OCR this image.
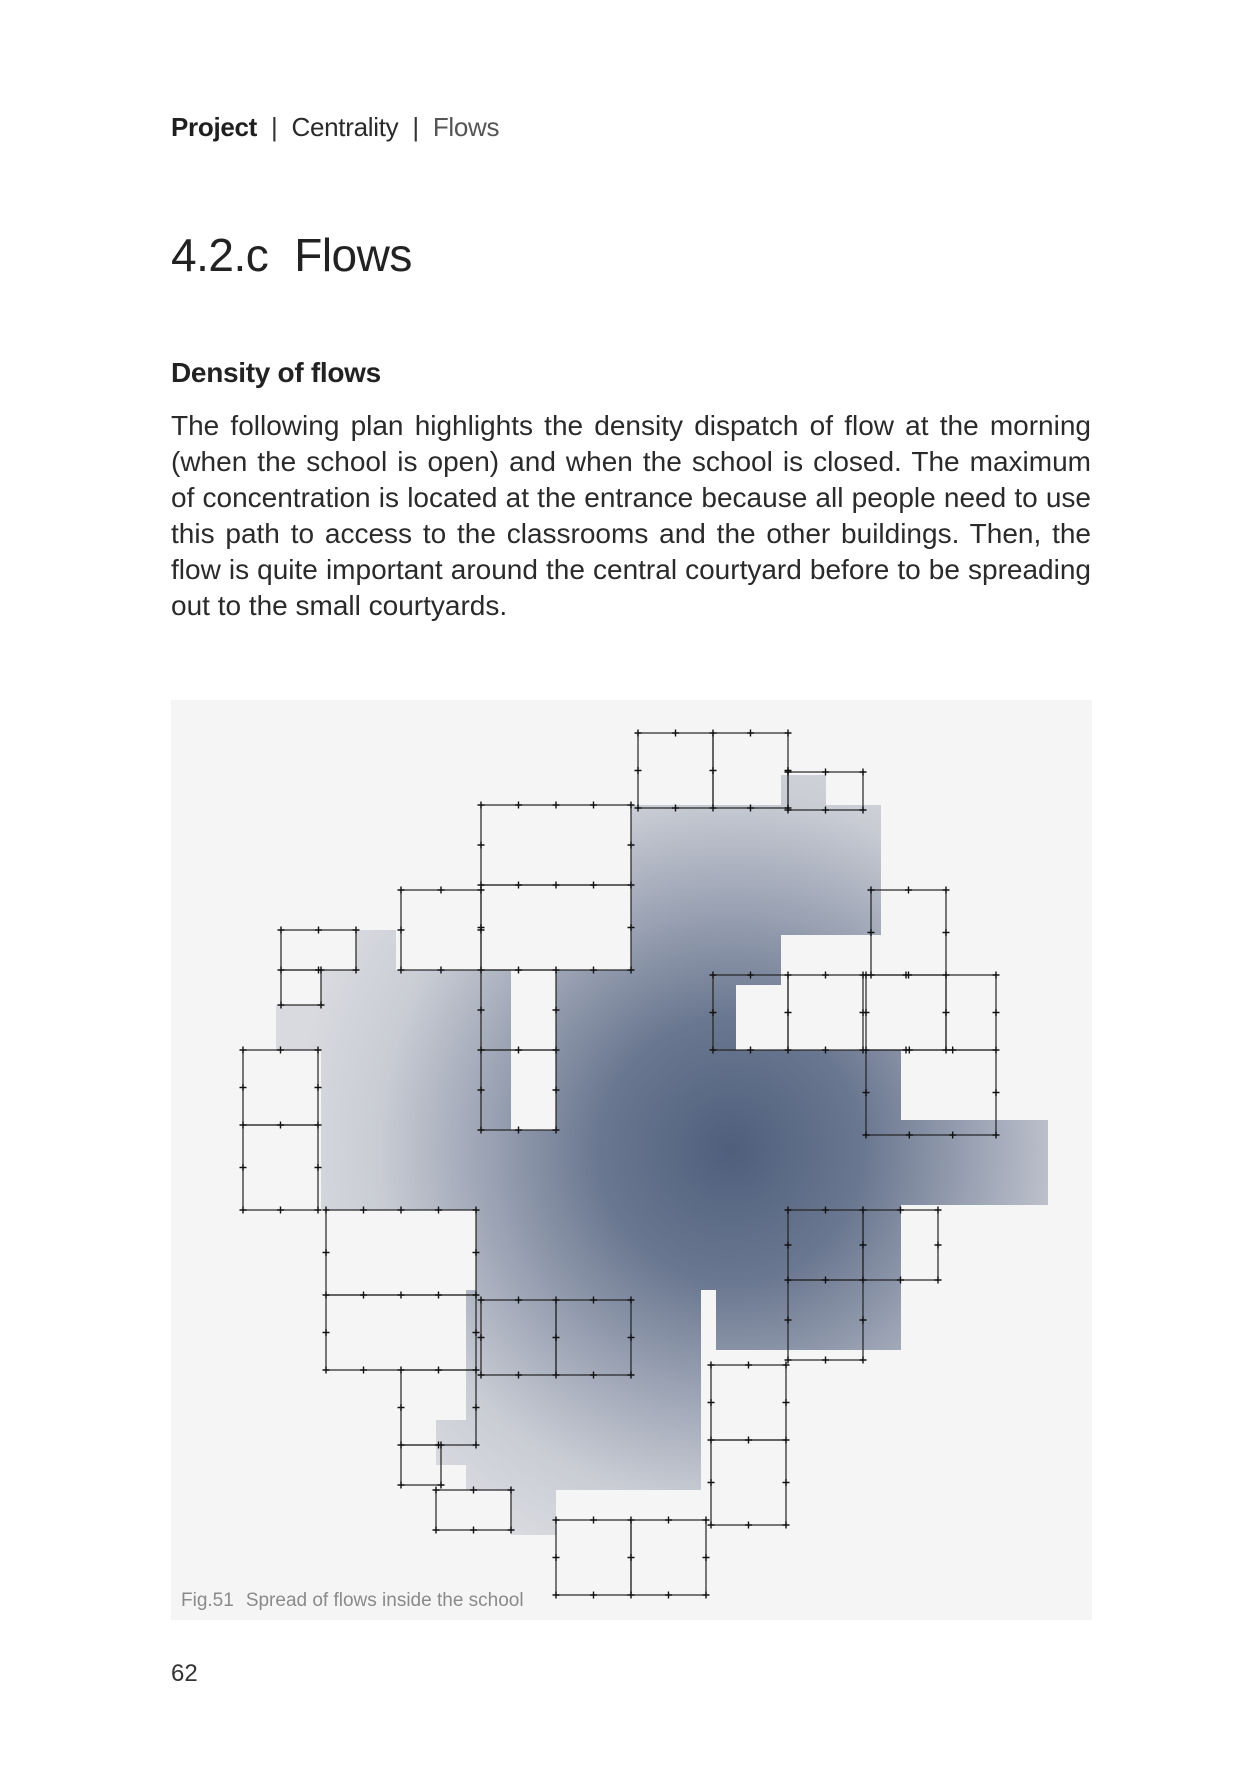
Project | Centrality | Flows
4.2.c Flows
Density of flows

The following plan highlights the density dispatch of flow at the morning (when the school is open) and when the school is closed. The maximum of concentration is located at the entrance because all people need to use this path to access to the classrooms and the other buildings. Then, the flow is quite important around the central courtyard before to be spreading out to the small courtyards.

Fig.51 Spread of flows inside the school
62
